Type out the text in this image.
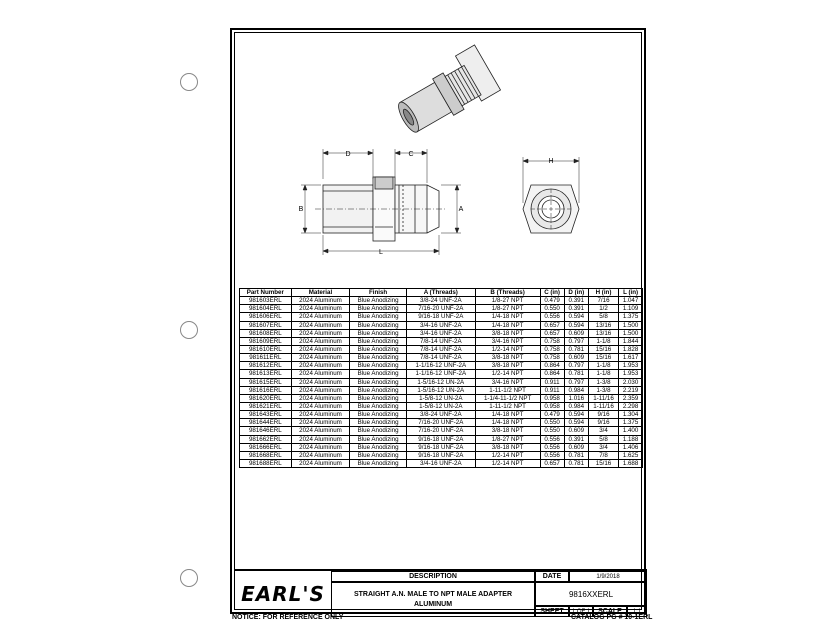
D	C
B	A
L
H
Part Number	Material	Finish	A (Threads)	B (Threads)	C (in)	D (in)	H (in)	L (in)
981603ERL	2024 Aluminum	Blue Anodizing	3/8-24 UNF-2A	1/8-27 NPT	0.479	0.391	7/16	1.047
981604ERL	2024 Aluminum	Blue Anodizing	7/16-20 UNF-2A	1/8-27 NPT	0.550	0.391	1/2	1.109
981606ERL	2024 Aluminum	Blue Anodizing	9/16-18 UNF-2A	1/4-18 NPT	0.556	0.594	5/8	1.375
981607ERL	2024 Aluminum	Blue Anodizing	3/4-16 UNF-2A	1/4-18 NPT	0.657	0.594	13/16	1.500
981608ERL	2024 Aluminum	Blue Anodizing	3/4-16 UNF-2A	3/8-18 NPT	0.657	0.609	13/16	1.500
981609ERL	2024 Aluminum	Blue Anodizing	7/8-14 UNF-2A	3/4-16 NPT	0.758	0.797	1-1/8	1.844
981610ERL	2024 Aluminum	Blue Anodizing	7/8-14 UNF-2A	1/2-14 NPT	0.758	0.781	15/16	1.828
981611ERL	2024 Aluminum	Blue Anodizing	7/8-14 UNF-2A	3/8-18 NPT	0.758	0.609	15/16	1.617
981612ERL	2024 Aluminum	Blue Anodizing	1-1/16-12 UNF-2A	3/8-18 NPT	0.864	0.797	1-1/8	1.953
981613ERL	2024 Aluminum	Blue Anodizing	1-1/16-12 UNF-2A	1/2-14 NPT	0.864	0.781	1-1/8	1.953
981615ERL	2024 Aluminum	Blue Anodizing	1-5/16-12 UN-2A	3/4-16 NPT	0.911	0.797	1-3/8	2.030
981616ERL	2024 Aluminum	Blue Anodizing	1-5/16-12 UN-2A	1-11-1/2 NPT	0.911	0.984	1-3/8	2.219
981620ERL	2024 Aluminum	Blue Anodizing	1-5/8-12 UN-2A	1-1/4-11-1/2 NPT	0.958	1.016	1-11/16	2.359
981621ERL	2024 Aluminum	Blue Anodizing	1-5/8-12 UN-2A	1-11-1/2 NPT	0.958	0.984	1-11/16	2.298
981643ERL	2024 Aluminum	Blue Anodizing	3/8-24 UNF-2A	1/4-18 NPT	0.479	0.594	9/16	1.304
981644ERL	2024 Aluminum	Blue Anodizing	7/16-20 UNF-2A	1/4-18 NPT	0.550	0.594	9/16	1.375
981646ERL	2024 Aluminum	Blue Anodizing	7/16-20 UNF-2A	3/8-18 NPT	0.550	0.609	3/4	1.400
981662ERL	2024 Aluminum	Blue Anodizing	9/16-18 UNF-2A	1/8-27 NPT	0.556	0.391	5/8	1.188
981666ERL	2024 Aluminum	Blue Anodizing	9/16-18 UNF-2A	3/8-18 NPT	0.556	0.609	3/4	1.406
981668ERL	2024 Aluminum	Blue Anodizing	9/16-18 UNF-2A	1/2-14 NPT	0.556	0.781	7/8	1.625
981688ERL	2024 Aluminum	Blue Anodizing	3/4-16 UNF-2A	1/2-14 NPT	0.657	0.781	15/16	1.688
EARL'S
DESCRIPTION
STRAIGHT A.N. MALE TO NPT MALE ADAPTER
ALUMINUM
DATE	1/9/2018
9816XXERL
SHEET	1 OF 1	SCALE	1:1
NOTICE: FOR REFERENCE ONLY	CATALOG PG # 10-1ERL
